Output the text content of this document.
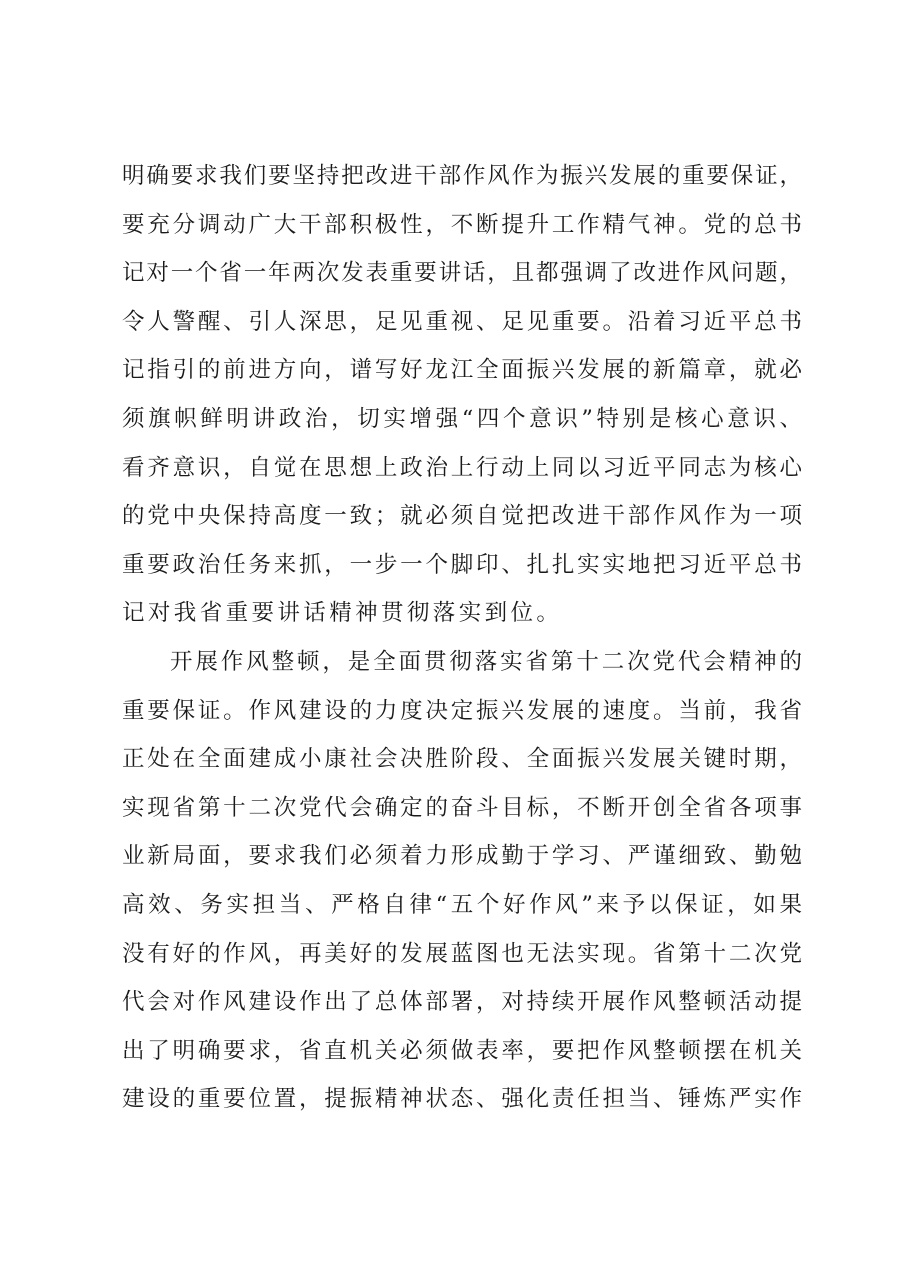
明确要求我们要坚持把改进干部作风作为振兴发展的重要保证，
要充分调动广大干部积极性，不断提升工作精气神。党的总书
记对一个省一年两次发表重要讲话，且都强调了改进作风问题，
令人警醒、引人深思，足见重视、足见重要。沿着习近平总书
记指引的前进方向，谱写好龙江全面振兴发展的新篇章，就必
须旗帜鲜明讲政治，切实增强“四个意识”特别是核心意识、
看齐意识，自觉在思想上政治上行动上同以习近平同志为核心
的党中央保持高度一致；就必须自觉把改进干部作风作为一项
重要政治任务来抓，一步一个脚印、扎扎实实地把习近平总书
记对我省重要讲话精神贯彻落实到位。
开展作风整顿，是全面贯彻落实省第十二次党代会精神的
重要保证。作风建设的力度决定振兴发展的速度。当前，我省
正处在全面建成小康社会决胜阶段、全面振兴发展关键时期，
实现省第十二次党代会确定的奋斗目标，不断开创全省各项事
业新局面，要求我们必须着力形成勤于学习、严谨细致、勤勉
高效、务实担当、严格自律“五个好作风”来予以保证，如果
没有好的作风，再美好的发展蓝图也无法实现。省第十二次党
代会对作风建设作出了总体部署，对持续开展作风整顿活动提
出了明确要求，省直机关必须做表率，要把作风整顿摆在机关
建设的重要位置，提振精神状态、强化责任担当、锤炼严实作
